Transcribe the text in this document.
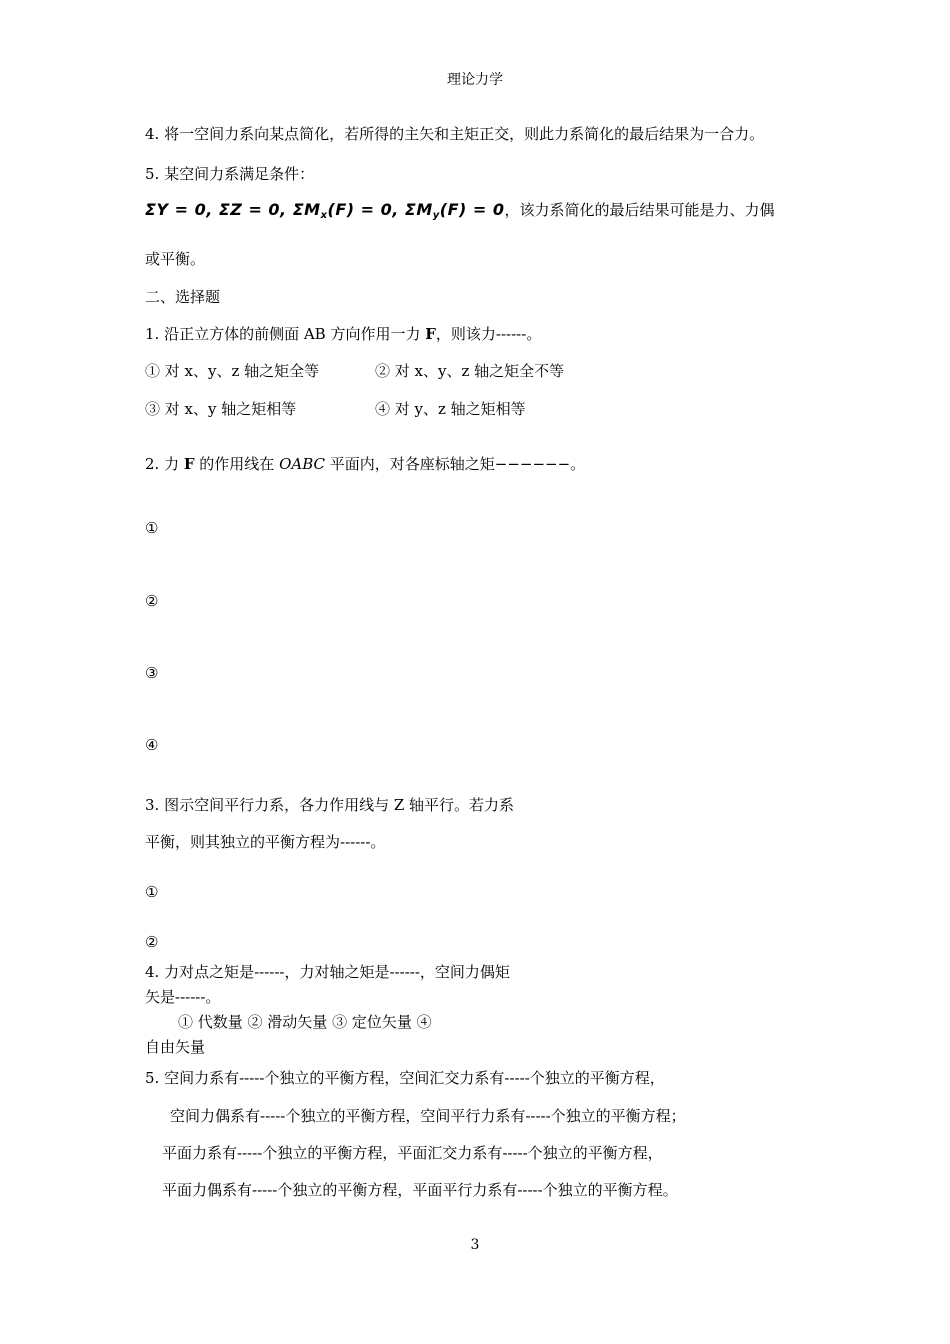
理论力学
4. 将一空间力系向某点简化，若所得的主矢和主矩正交，则此力系简化的最后结果为一合力。
5. 某空间力系满足条件：
ΣY = 0, ΣZ = 0, $\Sigma M_x(F) = 0$, $\Sigma M_y(F) = 0$，该力系简化的最后结果可能是力、力偶
或平衡。
二、选择题
1. 沿正立方体的前侧面 AB 方向作用一力 F，则该力------。
① 对 x、y、z 轴之矩全等	② 对 x、y、z 轴之矩全不等
③ 对 x、y 轴之矩相等	④ 对 y、z 轴之矩相等
2. 力 F 的作用线在 OABC 平面内，对各座标轴之矩−−−−−−。
①
②
③
④
3. 图示空间平行力系，各力作用线与 Z 轴平行。若力系
平衡，则其独立的平衡方程为------。
①
②
4. 力对点之矩是------，力对轴之矩是------，空间力偶矩
矢是------。
① 代数量 ② 滑动矢量 ③ 定位矢量 ④
自由矢量
5. 空间力系有-----个独立的平衡方程，空间汇交力系有-----个独立的平衡方程，
空间力偶系有-----个独立的平衡方程，空间平行力系有-----个独立的平衡方程；
平面力系有-----个独立的平衡方程，平面汇交力系有-----个独立的平衡方程，
平面力偶系有-----个独立的平衡方程，平面平行力系有-----个独立的平衡方程。
3
